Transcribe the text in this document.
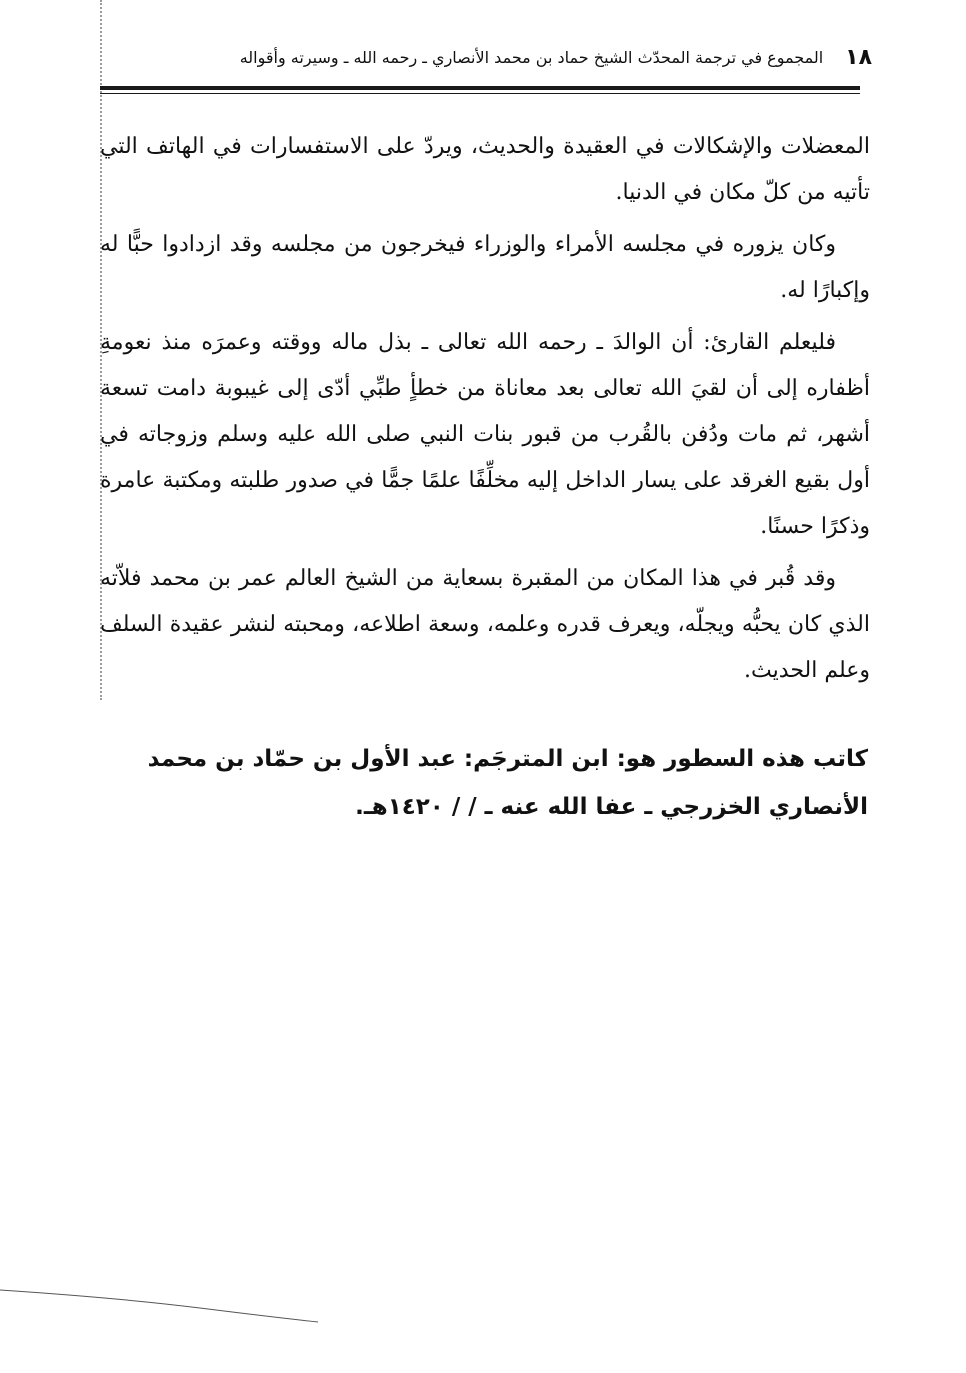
١٨
المجموع في ترجمة المحدّث الشيخ حماد بن محمد الأنصاري ـ رحمه الله ـ وسيرته وأقواله

المعضلات والإشكالات في العقيدة والحديث، ويردّ على الاستفسارات في الهاتف التي تأتيه من كلّ مكان في الدنيا.

وكان يزوره في مجلسه الأمراء والوزراء فيخرجون من مجلسه وقد ازدادوا حبًّا له وإكبارًا له.

فليعلم القارئ: أن الوالدَ ـ رحمه الله تعالى ـ بذل ماله ووقته وعمرَه منذ نعومةِ أظفاره إلى أن لقيَ الله تعالى بعد معاناة من خطأٍ طبِّي أدّى إلى غيبوبة دامت تسعة أشهر، ثم مات ودُفن بالقُرب من قبور بنات النبي صلى الله عليه وسلم وزوجاته في أول بقيع الغرقد على يسار الداخل إليه مخلِّفًا علمًا جمًّا في صدور طلبته ومكتبة عامرة وذكرًا حسنًا.

وقد قُبر في هذا المكان من المقبرة بسعاية من الشيخ العالم عمر بن محمد فلاّته الذي كان يحبُّه ويجلّه، ويعرف قدره وعلمه، وسعة اطلاعه، ومحبته لنشر عقيدة السلف وعلم الحديث.

كاتب هذه السطور هو: ابن المترجَم: عبد الأول بن حمّاد بن محمد

الأنصاري الخزرجي ـ عفا الله عنه ـ / / ١٤٢٠هـ.
